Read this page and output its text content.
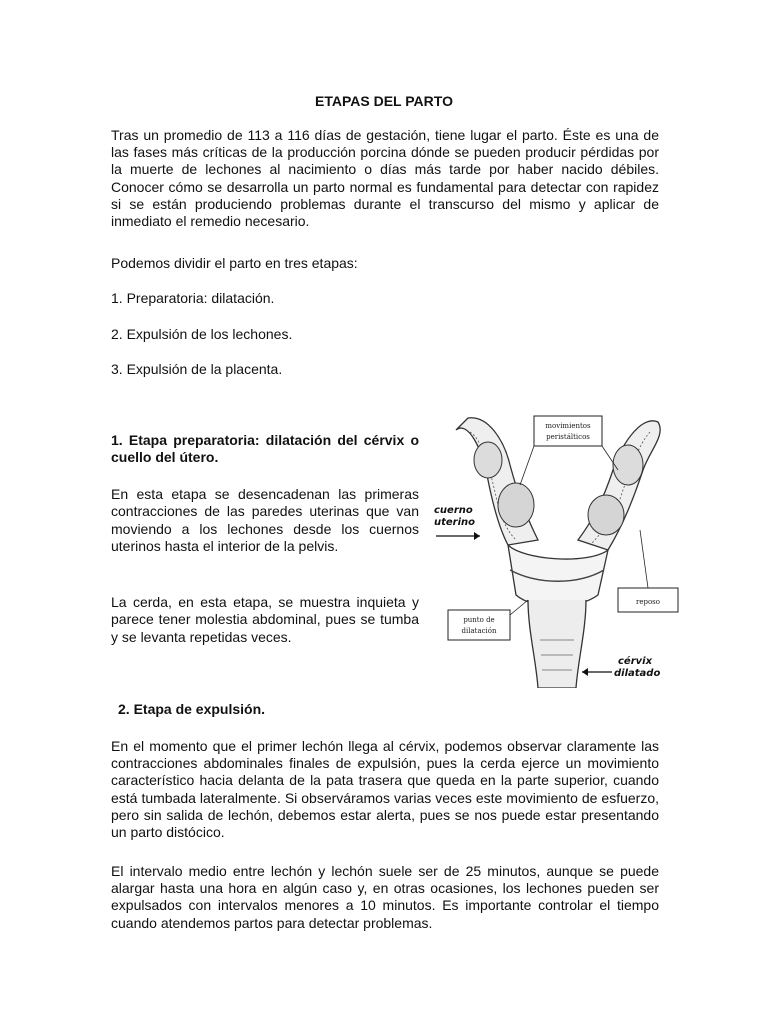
ETAPAS DEL PARTO

Tras un promedio de 113 a 116 días de gestación, tiene lugar el parto. Éste es una de las fases más críticas de la producción porcina dónde se pueden producir pérdidas por la muerte de lechones al nacimiento o días más tarde por haber nacido débiles. Conocer cómo se desarrolla un parto normal es fundamental para detectar con rapidez si se están produciendo problemas durante el transcurso del mismo y aplicar de inmediato el remedio necesario.

Podemos dividir el parto en tres etapas:

1. Preparatoria: dilatación.

2. Expulsión de los lechones.

3. Expulsión de la placenta.

1. Etapa preparatoria: dilatación del cérvix o cuello del útero.

En esta etapa se desencadenan las primeras contracciones de las paredes uterinas que van moviendo a los lechones desde los cuernos uterinos hasta el interior de la pelvis.

La cerda, en esta etapa, se muestra inquieta y parece tener molestia abdominal, pues se tumba y se levanta repetidas veces.

movimientos
peristálticos
cuerno
uterino
reposo
punto de
dilatación
cérvix
dilatado

2. Etapa de expulsión.

En el momento que el primer lechón llega al cérvix, podemos observar claramente las contracciones abdominales finales de expulsión, pues la cerda ejerce un movimiento característico hacia delanta de la pata trasera que queda en la parte superior, cuando está tumbada lateralmente. Si observáramos varias veces este movimiento de esfuerzo, pero sin salida de lechón, debemos estar alerta, pues se nos puede estar presentando un parto distócico.

El intervalo medio entre lechón y lechón suele ser de 25 minutos, aunque se puede alargar hasta una hora en algún caso y, en otras ocasiones, los lechones pueden ser expulsados con intervalos menores a 10 minutos. Es importante controlar el tiempo cuando atendemos partos para detectar problemas.
